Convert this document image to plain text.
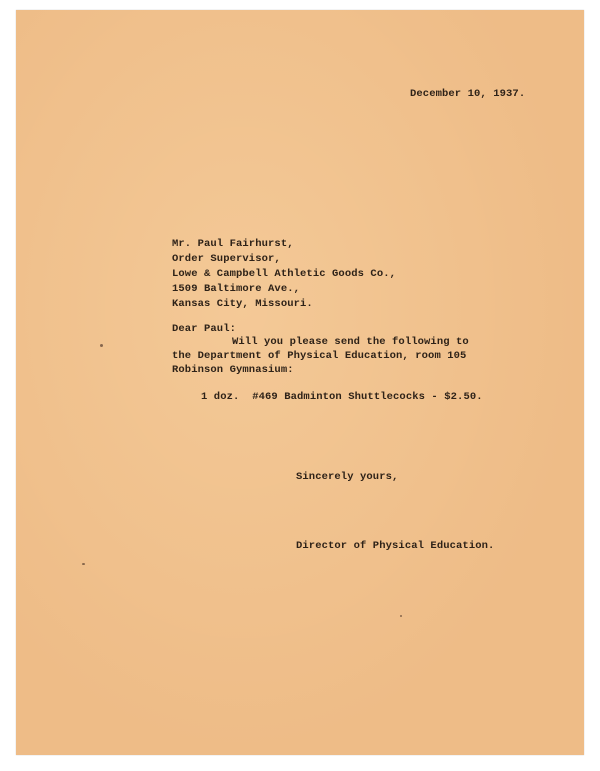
December 10, 1937.
Mr. Paul Fairhurst,
Order Supervisor,
Lowe & Campbell Athletic Goods Co.,
1509 Baltimore Ave.,
Kansas City, Missouri.
Dear Paul:
Will you please send the following to
the Department of Physical Education, room 105
Robinson Gymnasium:
1 doz.  #469 Badminton Shuttlecocks - $2.50.
Sincerely yours,
Director of Physical Education.
